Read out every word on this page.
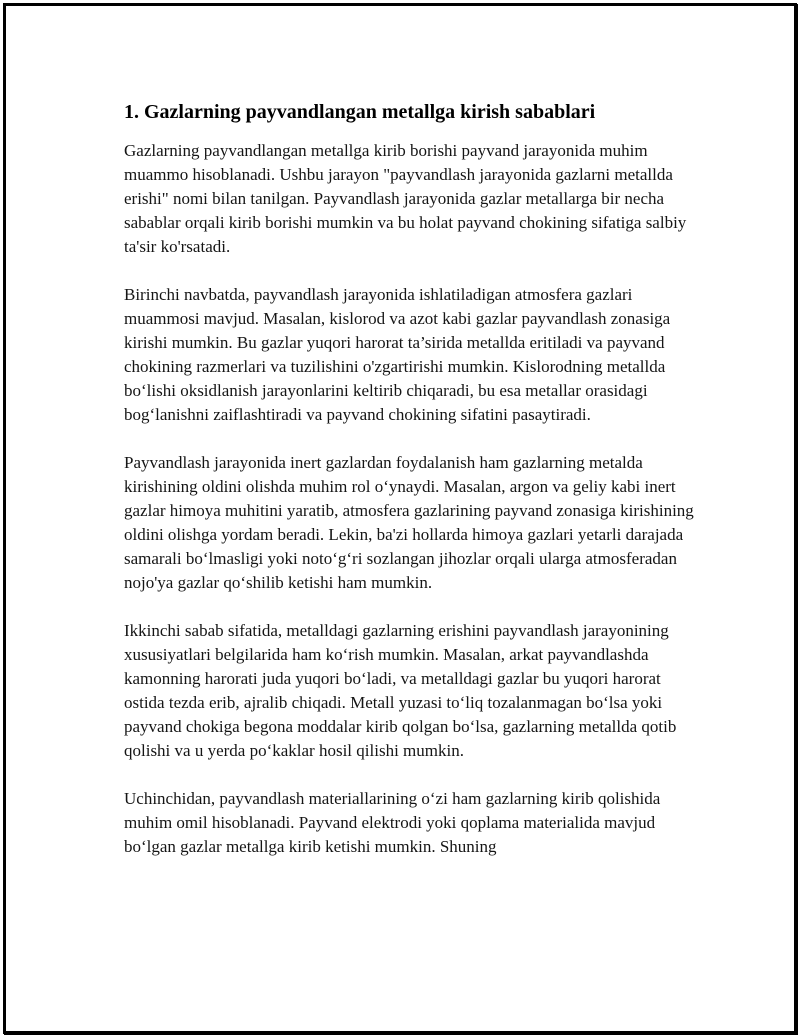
1. Gazlarning payvandlangan metallga kirish sabablari

Gazlarning payvandlangan metallga kirib borishi payvand jarayonida muhim muammo hisoblanadi. Ushbu jarayon "payvandlash jarayonida gazlarni metallda erishi" nomi bilan tanilgan. Payvandlash jarayonida gazlar metallarga bir necha sabablar orqali kirib borishi mumkin va bu holat payvand chokining sifatiga salbiy ta'sir ko'rsatadi.

Birinchi navbatda, payvandlash jarayonida ishlatiladigan atmosfera gazlari muammosi mavjud. Masalan, kislorod va azot kabi gazlar payvandlash zonasiga kirishi mumkin. Bu gazlar yuqori harorat ta’sirida metallda eritiladi va payvand chokining razmerlari va tuzilishini o'zgartirishi mumkin. Kislorodning metallda bo‘lishi oksidlanish jarayonlarini keltirib chiqaradi, bu esa metallar orasidagi bog‘lanishni zaiflashtiradi va payvand chokining sifatini pasaytiradi.

Payvandlash jarayonida inert gazlardan foydalanish ham gazlarning metalda kirishining oldini olishda muhim rol o‘ynaydi. Masalan, argon va geliy kabi inert gazlar himoya muhitini yaratib, atmosfera gazlarining payvand zonasiga kirishining oldini olishga yordam beradi. Lekin, ba'zi hollarda himoya gazlari yetarli darajada samarali bo‘lmasligi yoki noto‘g‘ri sozlangan jihozlar orqali ularga atmosferadan nojo'ya gazlar qo‘shilib ketishi ham mumkin.

Ikkinchi sabab sifatida, metalldagi gazlarning erishini payvandlash jarayonining xususiyatlari belgilarida ham ko‘rish mumkin. Masalan, arkat payvandlashda kamonning harorati juda yuqori bo‘ladi, va metalldagi gazlar bu yuqori harorat ostida tezda erib, ajralib chiqadi. Metall yuzasi to‘liq tozalanmagan bo‘lsa yoki payvand chokiga begona moddalar kirib qolgan bo‘lsa, gazlarning metallda qotib qolishi va u yerda po‘kaklar hosil qilishi mumkin.

Uchinchidan, payvandlash materiallarining o‘zi ham gazlarning kirib qolishida muhim omil hisoblanadi. Payvand elektrodi yoki qoplama materialida mavjud bo‘lgan gazlar metallga kirib ketishi mumkin. Shuning
